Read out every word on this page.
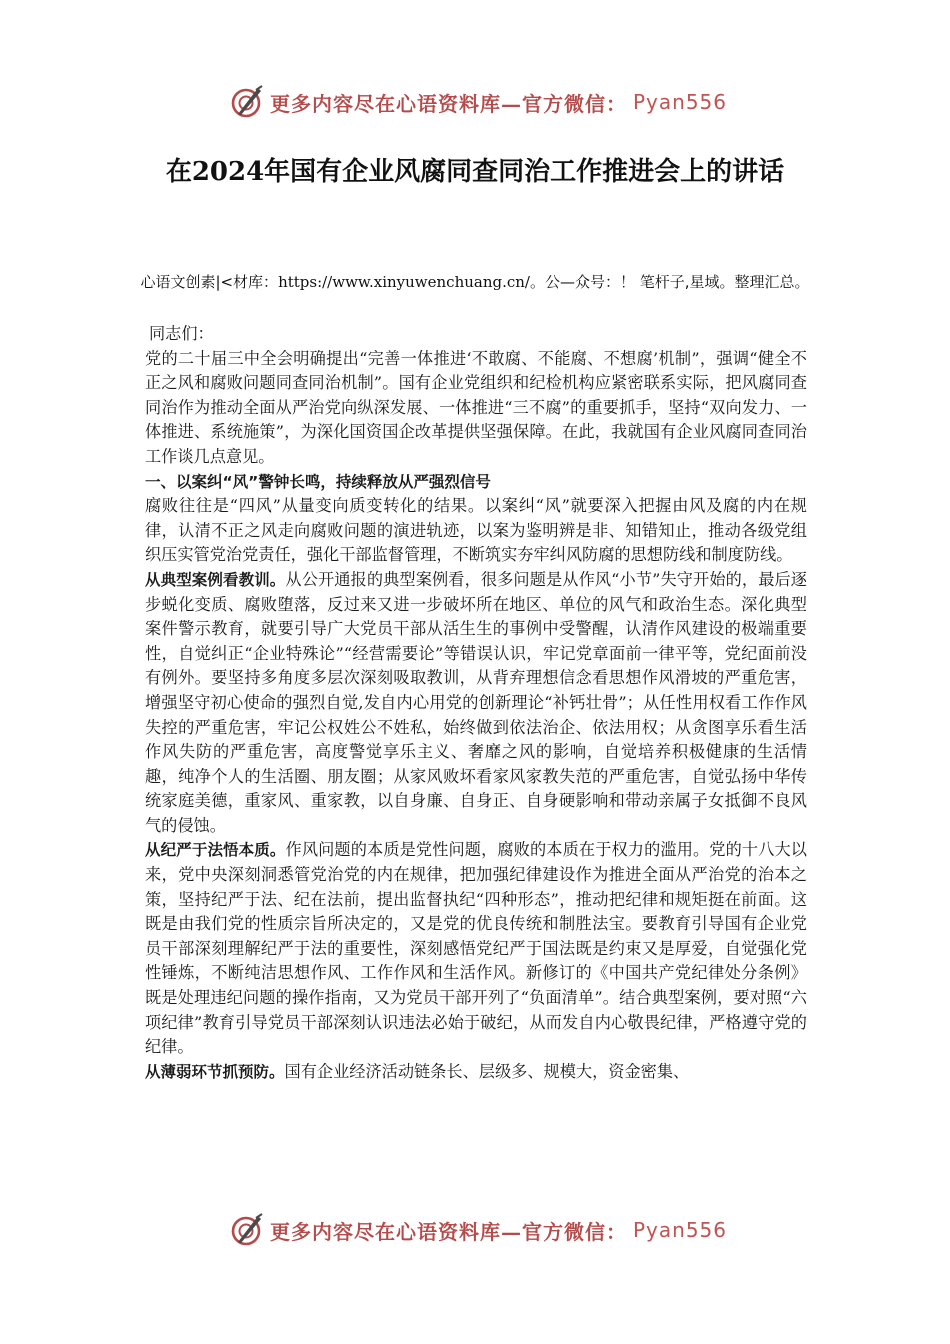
更多内容尽在心语资料库—官方微信： Pyan556
在2024年国有企业风腐同查同治工作推进会上的讲话
心语文创素|<材库：https://www.xinyuwenchuang.cn/。公—众号：！ 笔杆子,星域。整理汇总。

同志们：

党的二十届三中全会明确提出“完善一体推进‘不敢腐、不能腐、不想腐’机制”，强调“健全不正之风和腐败问题同查同治机制”。国有企业党组织和纪检机构应紧密联系实际，把风腐同查同治作为推动全面从严治党向纵深发展、一体推进“三不腐”的重要抓手，坚持“双向发力、一体推进、系统施策”，为深化国资国企改革提供坚强保障。在此，我就国有企业风腐同查同治工作谈几点意见。

一、以案纠“风”警钟长鸣，持续释放从严强烈信号

腐败往往是“四风”从量变向质变转化的结果。以案纠“风”就要深入把握由风及腐的内在规律，认清不正之风走向腐败问题的演进轨迹，以案为鉴明辨是非、知错知止，推动各级党组织压实管党治党责任，强化干部监督管理，不断筑实夯牢纠风防腐的思想防线和制度防线。

从典型案例看教训。从公开通报的典型案例看，很多问题是从作风“小节”失守开始的，最后逐步蜕化变质、腐败堕落，反过来又进一步破坏所在地区、单位的风气和政治生态。深化典型案件警示教育，就要引导广大党员干部从活生生的事例中受警醒，认清作风建设的极端重要性，自觉纠正“企业特殊论”“经营需要论”等错误认识，牢记党章面前一律平等，党纪面前没有例外。要坚持多角度多层次深刻吸取教训，从背弃理想信念看思想作风滑坡的严重危害，增强坚守初心使命的强烈自觉,发自内心用党的创新理论“补钙壮骨”；从任性用权看工作作风失控的严重危害，牢记公权姓公不姓私，始终做到依法治企、依法用权；从贪图享乐看生活作风失防的严重危害，高度警觉享乐主义、奢靡之风的影响，自觉培养积极健康的生活情趣，纯净个人的生活圈、朋友圈；从家风败坏看家风家教失范的严重危害，自觉弘扬中华传统家庭美德，重家风、重家教，以自身廉、自身正、自身硬影响和带动亲属子女抵御不良风气的侵蚀。

从纪严于法悟本质。作风问题的本质是党性问题，腐败的本质在于权力的滥用。党的十八大以来，党中央深刻洞悉管党治党的内在规律，把加强纪律建设作为推进全面从严治党的治本之策，坚持纪严于法、纪在法前，提出监督执纪“四种形态”，推动把纪律和规矩挺在前面。这既是由我们党的性质宗旨所决定的，又是党的优良传统和制胜法宝。要教育引导国有企业党员干部深刻理解纪严于法的重要性，深刻感悟党纪严于国法既是约束又是厚爱，自觉强化党性锤炼，不断纯洁思想作风、工作作风和生活作风。新修订的《中国共产党纪律处分条例》既是处理违纪问题的操作指南，又为党员干部开列了“负面清单”。结合典型案例，要对照“六项纪律”教育引导党员干部深刻认识违法必始于破纪，从而发自内心敬畏纪律，严格遵守党的纪律。

从薄弱环节抓预防。国有企业经济活动链条长、层级多、规模大，资金密集、

更多内容尽在心语资料库—官方微信： Pyan556
